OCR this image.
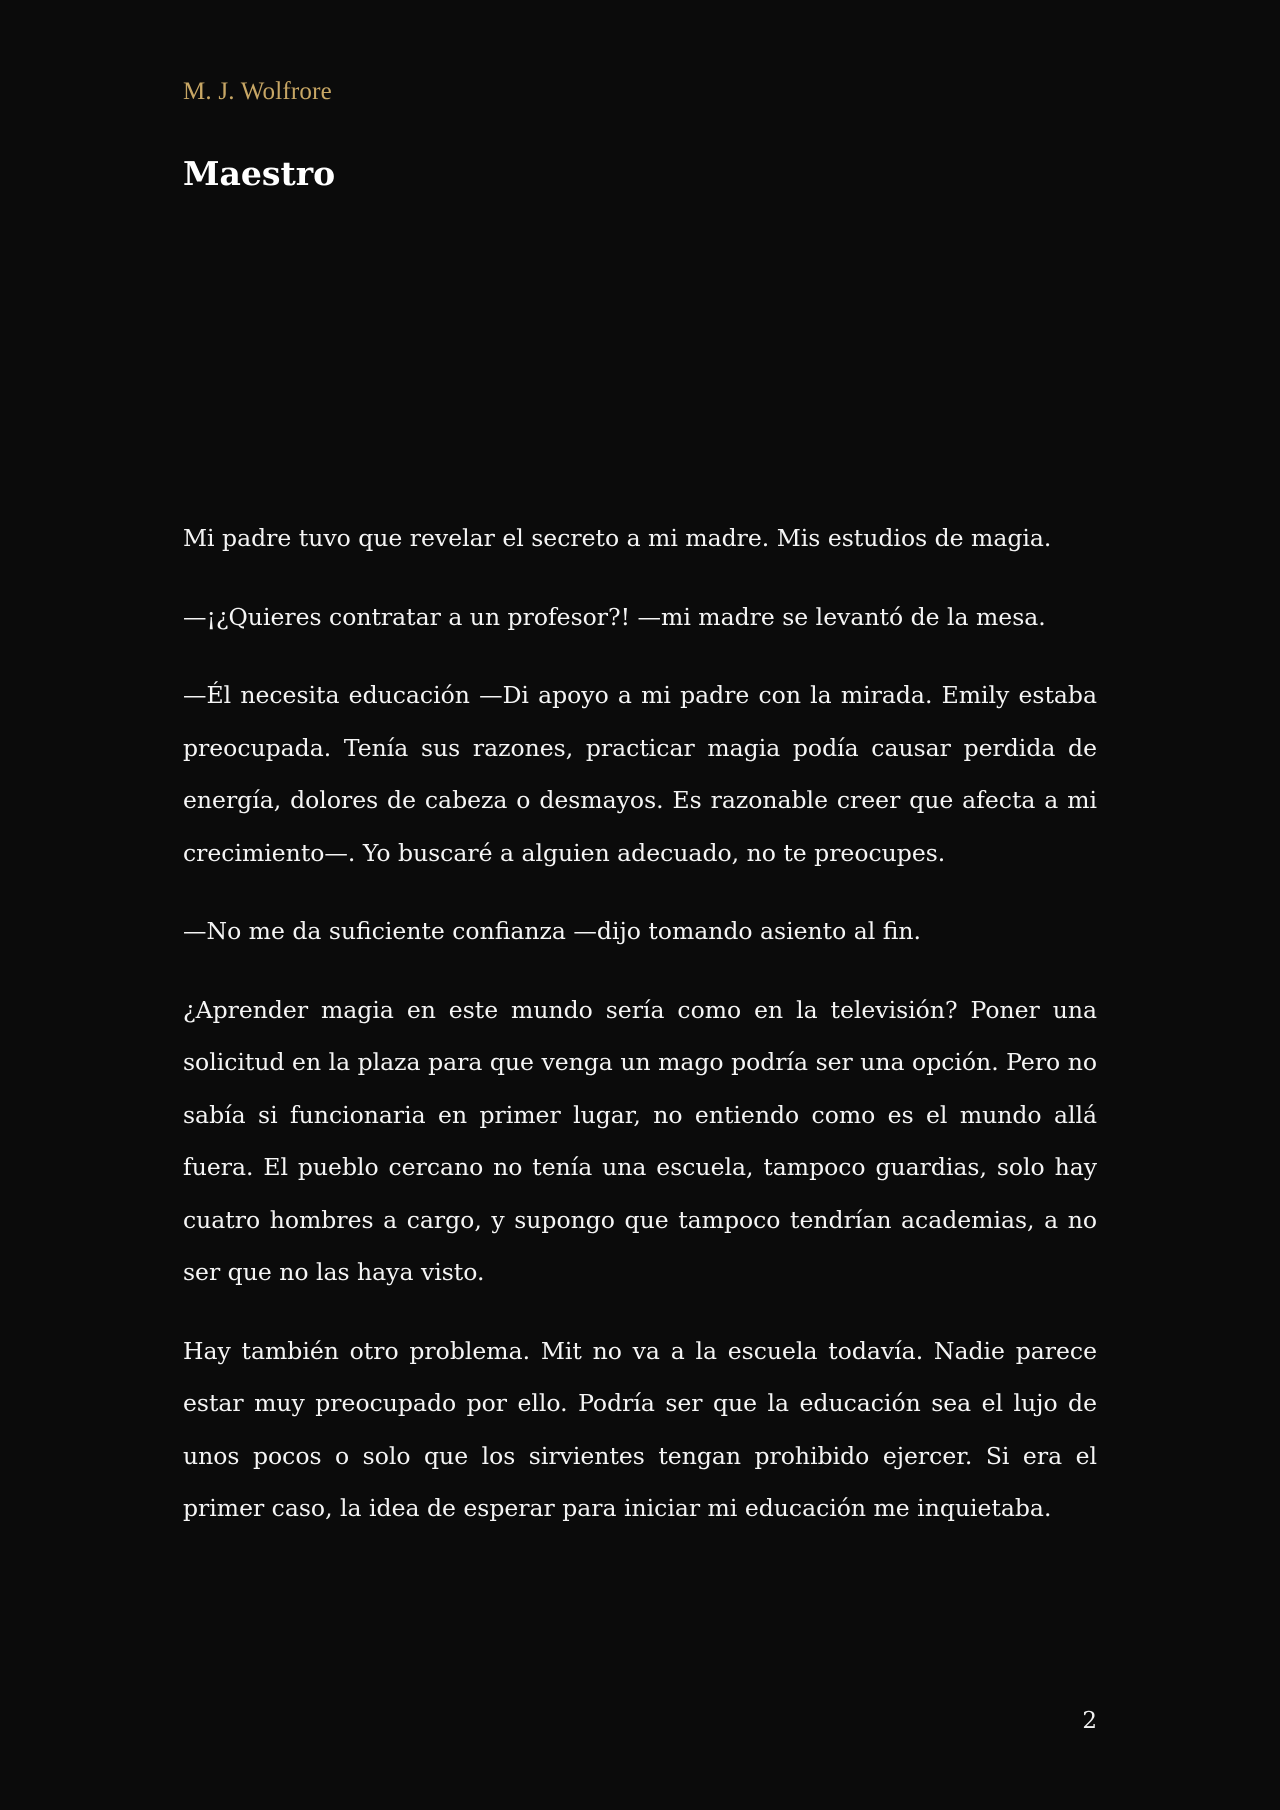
M. J. Wolfrore
Maestro

Mi padre tuvo que revelar el secreto a mi madre. Mis estudios de magia.

—¡¿Quieres contratar a un profesor?! —mi madre se levantó de la mesa.

—Él necesita educación —Di apoyo a mi padre con la mirada. Emily estaba preocupada. Tenía sus razones, practicar magia podía causar perdida de energía, dolores de cabeza o desmayos. Es razonable creer que afecta a mi crecimiento—. Yo buscaré a alguien adecuado, no te preocupes.

—No me da suficiente confianza —dijo tomando asiento al fin.

¿Aprender magia en este mundo sería como en la televisión? Poner una solicitud en la plaza para que venga un mago podría ser una opción. Pero no sabía si funcionaria en primer lugar, no entiendo como es el mundo allá fuera. El pueblo cercano no tenía una escuela, tampoco guardias, solo hay cuatro hombres a cargo, y supongo que tampoco tendrían academias, a no ser que no las haya visto.

Hay también otro problema. Mit no va a la escuela todavía. Nadie parece estar muy preocupado por ello. Podría ser que la educación sea el lujo de unos pocos o solo que los sirvientes tengan prohibido ejercer. Si era el primer caso, la idea de esperar para iniciar mi educación me inquietaba.

2
